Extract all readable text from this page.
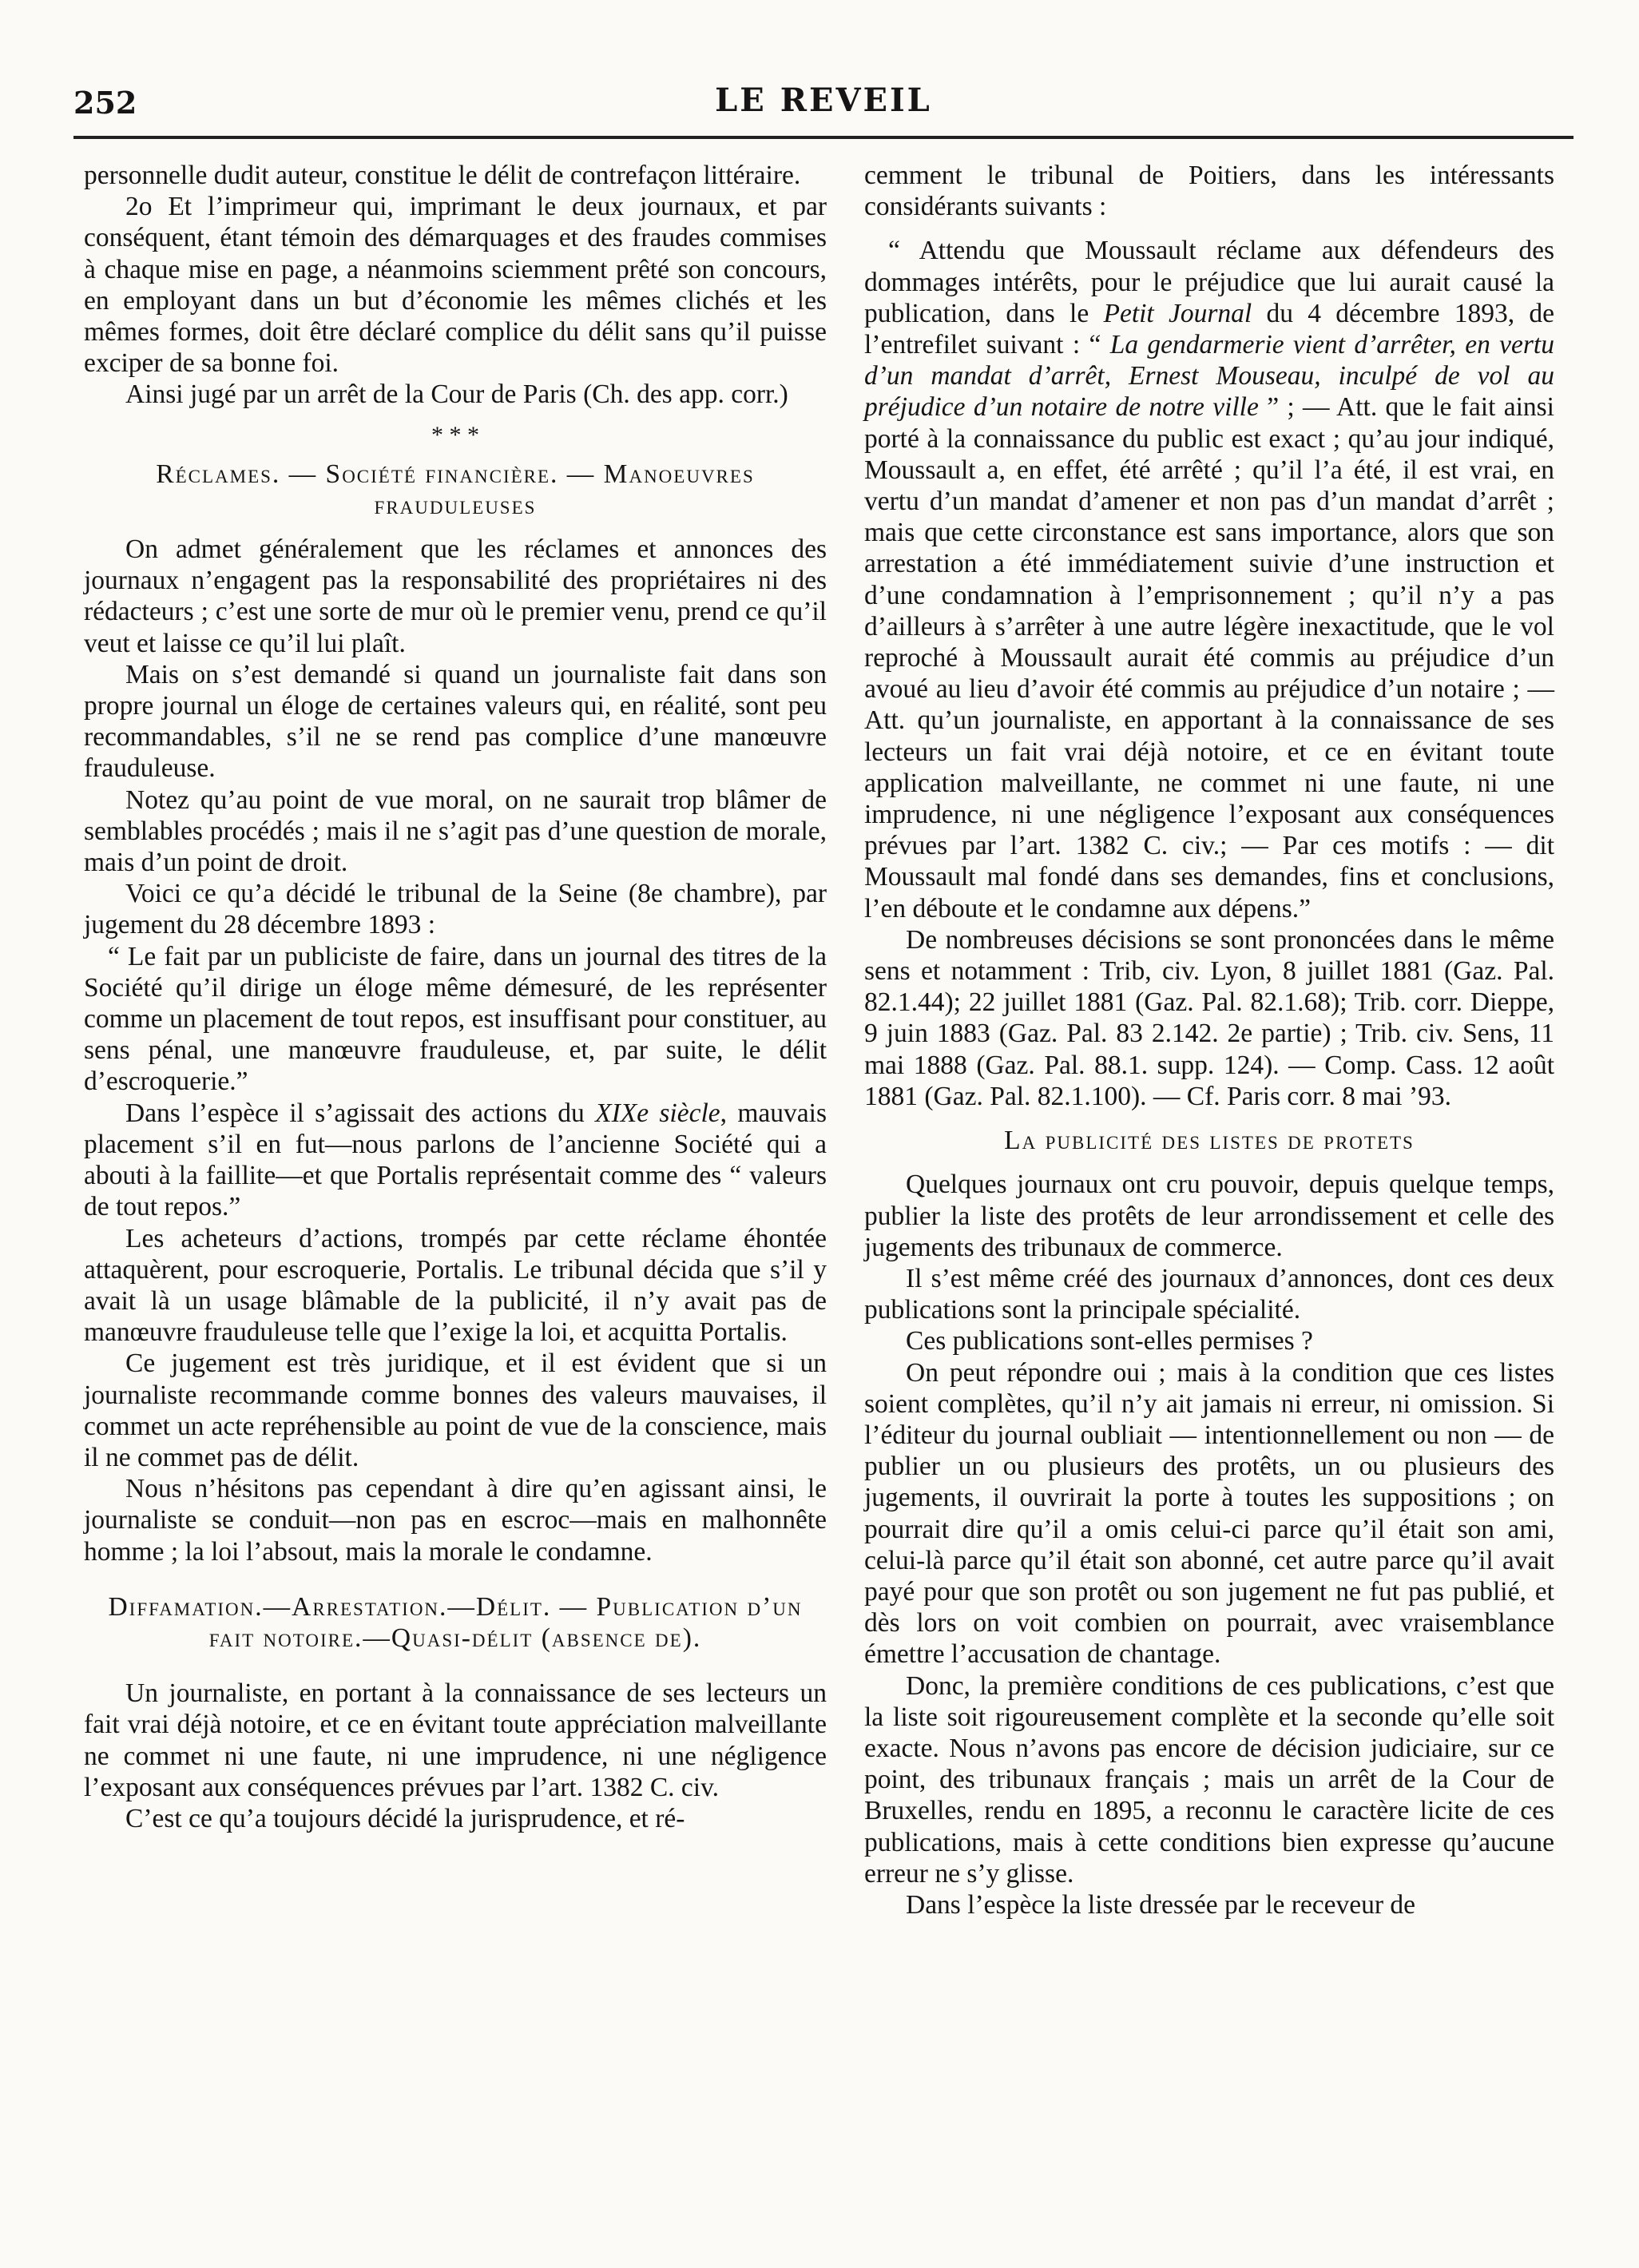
252	LE REVEIL

personnelle dudit auteur, constitue le délit de contrefaçon littéraire.

2o Et l’imprimeur qui, imprimant le deux journaux, et par conséquent, étant témoin des démarquages et des fraudes commises à chaque mise en page, a néanmoins sciemment prêté son concours, en employant dans un but d’économie les mêmes clichés et les mêmes formes, doit être déclaré complice du délit sans qu’il puisse exciper de sa bonne foi.

Ainsi jugé par un arrêt de la Cour de Paris (Ch. des app. corr.)

* * *

Réclames. — Société financière. — Manoeuvres frauduleuses

On admet généralement que les réclames et annonces des journaux n’engagent pas la responsabilité des propriétaires ni des rédacteurs ; c’est une sorte de mur où le premier venu, prend ce qu’il veut et laisse ce qu’il lui plaît.

Mais on s’est demandé si quand un journaliste fait dans son propre journal un éloge de certaines valeurs qui, en réalité, sont peu recommandables, s’il ne se rend pas complice d’une manœuvre frauduleuse.

Notez qu’au point de vue moral, on ne saurait trop blâmer de semblables procédés ; mais il ne s’agit pas d’une question de morale, mais d’un point de droit.

Voici ce qu’a décidé le tribunal de la Seine (8e chambre), par jugement du 28 décembre 1893 :

“ Le fait par un publiciste de faire, dans un journal des titres de la Société qu’il dirige un éloge même démesuré, de les représenter comme un placement de tout repos, est insuffisant pour constituer, au sens pénal, une manœuvre frauduleuse, et, par suite, le délit d’escroquerie.”

Dans l’espèce il s’agissait des actions du XIXe siècle, mauvais placement s’il en fut—nous parlons de l’ancienne Société qui a abouti à la faillite—et que Portalis représentait comme des “ valeurs de tout repos.”

Les acheteurs d’actions, trompés par cette réclame éhontée attaquèrent, pour escroquerie, Portalis. Le tribunal décida que s’il y avait là un usage blâmable de la publicité, il n’y avait pas de manœuvre frauduleuse telle que l’exige la loi, et acquitta Portalis.

Ce jugement est très juridique, et il est évident que si un journaliste recommande comme bonnes des valeurs mauvaises, il commet un acte repréhensible au point de vue de la conscience, mais il ne commet pas de délit.

Nous n’hésitons pas cependant à dire qu’en agissant ainsi, le journaliste se conduit—non pas en escroc—mais en malhonnête homme ; la loi l’absout, mais la morale le condamne.

Diffamation.—Arrestation.—Délit. — Publication d’un fait notoire.—Quasi-délit (absence de).

Un journaliste, en portant à la connaissance de ses lecteurs un fait vrai déjà notoire, et ce en évitant toute appréciation malveillante ne commet ni une faute, ni une imprudence, ni une négligence l’exposant aux conséquences prévues par l’art. 1382 C. civ.

C’est ce qu’a toujours décidé la jurisprudence, et ré-

cemment le tribunal de Poitiers, dans les intéressants considérants suivants :

“ Attendu que Moussault réclame aux défendeurs des dommages intérêts, pour le préjudice que lui aurait causé la publication, dans le Petit Journal du 4 décembre 1893, de l’entrefilet suivant : “ La gendarmerie vient d’arrêter, en vertu d’un mandat d’arrêt, Ernest Mouseau, inculpé de vol au préjudice d’un notaire de notre ville ” ; — Att. que le fait ainsi porté à la connaissance du public est exact ; qu’au jour indiqué, Moussault a, en effet, été arrêté ; qu’il l’a été, il est vrai, en vertu d’un mandat d’amener et non pas d’un mandat d’arrêt ; mais que cette circonstance est sans importance, alors que son arrestation a été immédiatement suivie d’une instruction et d’une condamnation à l’emprisonnement ; qu’il n’y a pas d’ailleurs à s’arrêter à une autre légère inexactitude, que le vol reproché à Moussault aurait été commis au préjudice d’un avoué au lieu d’avoir été commis au préjudice d’un notaire ; — Att. qu’un journaliste, en apportant à la connaissance de ses lecteurs un fait vrai déjà notoire, et ce en évitant toute application malveillante, ne commet ni une faute, ni une imprudence, ni une négligence l’exposant aux conséquences prévues par l’art. 1382 C. civ.; — Par ces motifs : — dit Moussault mal fondé dans ses demandes, fins et conclusions, l’en déboute et le condamne aux dépens.”

De nombreuses décisions se sont prononcées dans le même sens et notamment : Trib, civ. Lyon, 8 juillet 1881 (Gaz. Pal. 82.1.44); 22 juillet 1881 (Gaz. Pal. 82.1.68); Trib. corr. Dieppe, 9 juin 1883 (Gaz. Pal. 83 2.142. 2e partie) ; Trib. civ. Sens, 11 mai 1888 (Gaz. Pal. 88.1. supp. 124). — Comp. Cass. 12 août 1881 (Gaz. Pal. 82.1.100). — Cf. Paris corr. 8 mai ’93.

La publicité des listes de protets

Quelques journaux ont cru pouvoir, depuis quelque temps, publier la liste des protêts de leur arrondissement et celle des jugements des tribunaux de commerce.

Il s’est même créé des journaux d’annonces, dont ces deux publications sont la principale spécialité.

Ces publications sont-elles permises ?

On peut répondre oui ; mais à la condition que ces listes soient complètes, qu’il n’y ait jamais ni erreur, ni omission. Si l’éditeur du journal oubliait — intentionnellement ou non — de publier un ou plusieurs des protêts, un ou plusieurs des jugements, il ouvrirait la porte à toutes les suppositions ; on pourrait dire qu’il a omis celui-ci parce qu’il était son ami, celui-là parce qu’il était son abonné, cet autre parce qu’il avait payé pour que son protêt ou son jugement ne fut pas publié, et dès lors on voit combien on pourrait, avec vraisemblance émettre l’accusation de chantage.

Donc, la première conditions de ces publications, c’est que la liste soit rigoureusement complète et la seconde qu’elle soit exacte. Nous n’avons pas encore de décision judiciaire, sur ce point, des tribunaux français ; mais un arrêt de la Cour de Bruxelles, rendu en 1895, a reconnu le caractère licite de ces publications, mais à cette conditions bien expresse qu’aucune erreur ne s’y glisse.

Dans l’espèce la liste dressée par le receveur de
